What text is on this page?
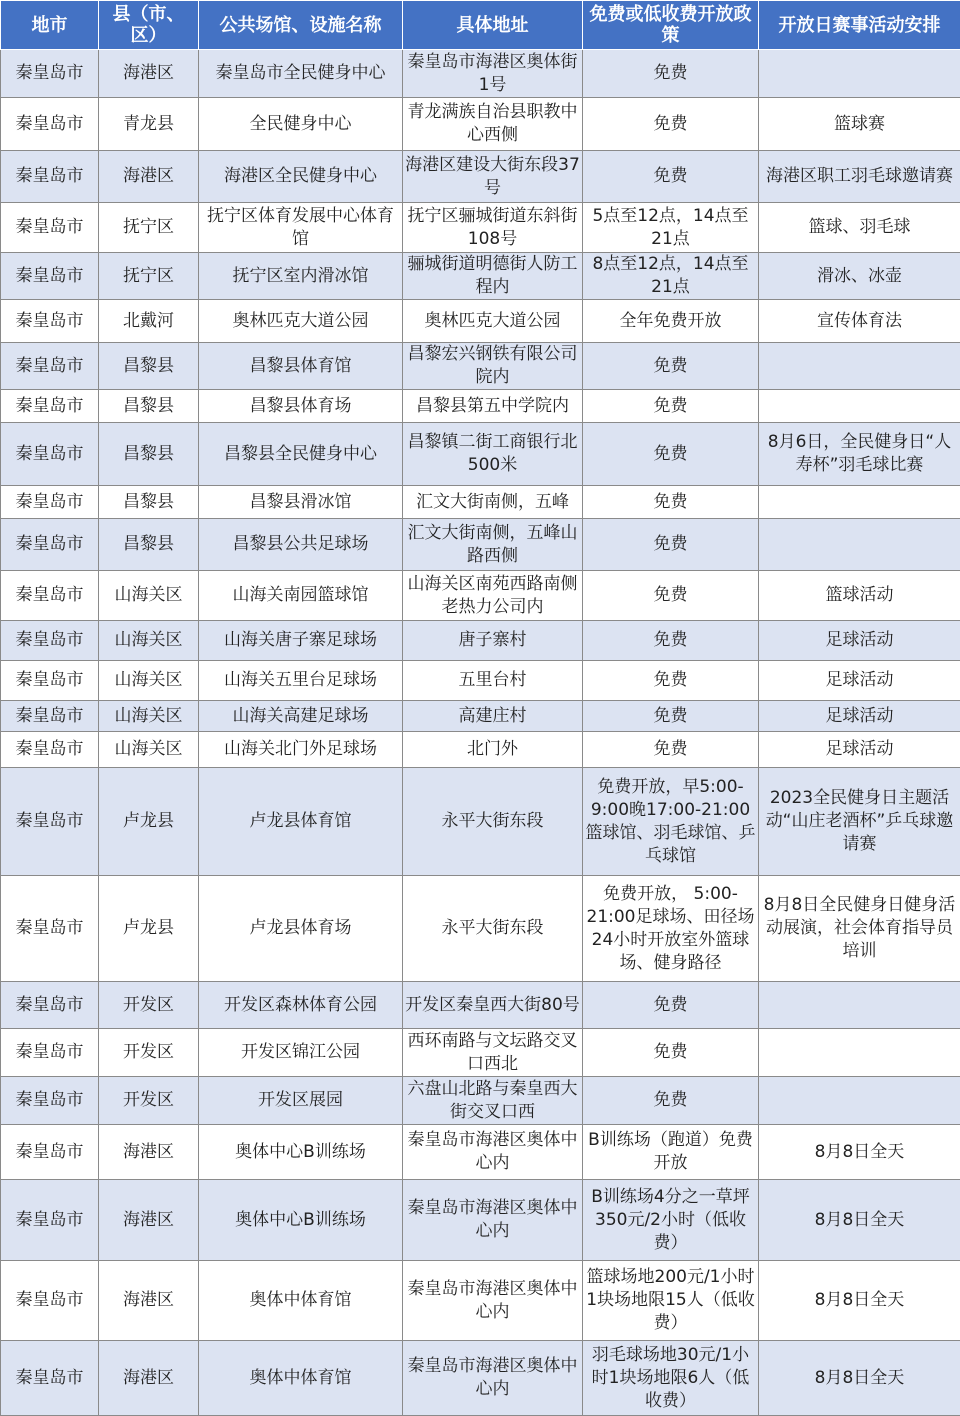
地市	县（市、区）	公共场馆、设施名称	具体地址	免费或低收费开放政策	开放日赛事活动安排
秦皇岛市	海港区	秦皇岛市全民健身中心	秦皇岛市海港区奥体街1号	免费	
秦皇岛市	青龙县	全民健身中心	青龙满族自治县职教中心西侧	免费	篮球赛
秦皇岛市	海港区	海港区全民健身中心	海港区建设大街东段37号	免费	海港区职工羽毛球邀请赛
秦皇岛市	抚宁区	抚宁区体育发展中心体育馆	抚宁区骊城街道东斜街108号	5点至12点，14点至21点	篮球、羽毛球
秦皇岛市	抚宁区	抚宁区室内滑冰馆	骊城街道明德街人防工程内	8点至12点，14点至21点	滑冰、冰壶
秦皇岛市	北戴河	奥林匹克大道公园	奥林匹克大道公园	全年免费开放	宣传体育法
秦皇岛市	昌黎县	昌黎县体育馆	昌黎宏兴钢铁有限公司院内	免费	
秦皇岛市	昌黎县	昌黎县体育场	昌黎县第五中学院内	免费	
秦皇岛市	昌黎县	昌黎县全民健身中心	昌黎镇二街工商银行北500米	免费	8月6日，全民健身日“人寿杯”羽毛球比赛
秦皇岛市	昌黎县	昌黎县滑冰馆	汇文大街南侧，五峰	免费	
秦皇岛市	昌黎县	昌黎县公共足球场	汇文大街南侧，五峰山路西侧	免费	
秦皇岛市	山海关区	山海关南园篮球馆	山海关区南苑西路南侧老热力公司内	免费	篮球活动
秦皇岛市	山海关区	山海关唐子寨足球场	唐子寨村	免费	足球活动
秦皇岛市	山海关区	山海关五里台足球场	五里台村	免费	足球活动
秦皇岛市	山海关区	山海关高建足球场	高建庄村	免费	足球活动
秦皇岛市	山海关区	山海关北门外足球场	北门外	免费	足球活动
秦皇岛市	卢龙县	卢龙县体育馆	永平大街东段	免费开放，早5:00-9:00晚17:00-21:00篮球馆、羽毛球馆、乒乓球馆	2023全民健身日主题活动“山庄老酒杯”乒乓球邀请赛
秦皇岛市	卢龙县	卢龙县体育场	永平大街东段	免费开放， 5:00-21:00足球场、田径场24小时开放室外篮球场、健身路径	8月8日全民健身日健身活动展演，社会体育指导员培训
秦皇岛市	开发区	开发区森林体育公园	开发区秦皇西大街80号	免费	
秦皇岛市	开发区	开发区锦江公园	西环南路与文坛路交叉口西北	免费	
秦皇岛市	开发区	开发区展园	六盘山北路与秦皇西大街交叉口西	免费	
秦皇岛市	海港区	奥体中心B训练场	秦皇岛市海港区奥体中心内	B训练场（跑道）免费开放	8月8日全天
秦皇岛市	海港区	奥体中心B训练场	秦皇岛市海港区奥体中心内	B训练场4分之一草坪350元/2小时（低收费）	8月8日全天
秦皇岛市	海港区	奥体中体育馆	秦皇岛市海港区奥体中心内	篮球场地200元/1小时1块场地限15人（低收费）	8月8日全天
秦皇岛市	海港区	奥体中体育馆	秦皇岛市海港区奥体中心内	羽毛球场地30元/1小时1块场地限6人（低收费）	8月8日全天
